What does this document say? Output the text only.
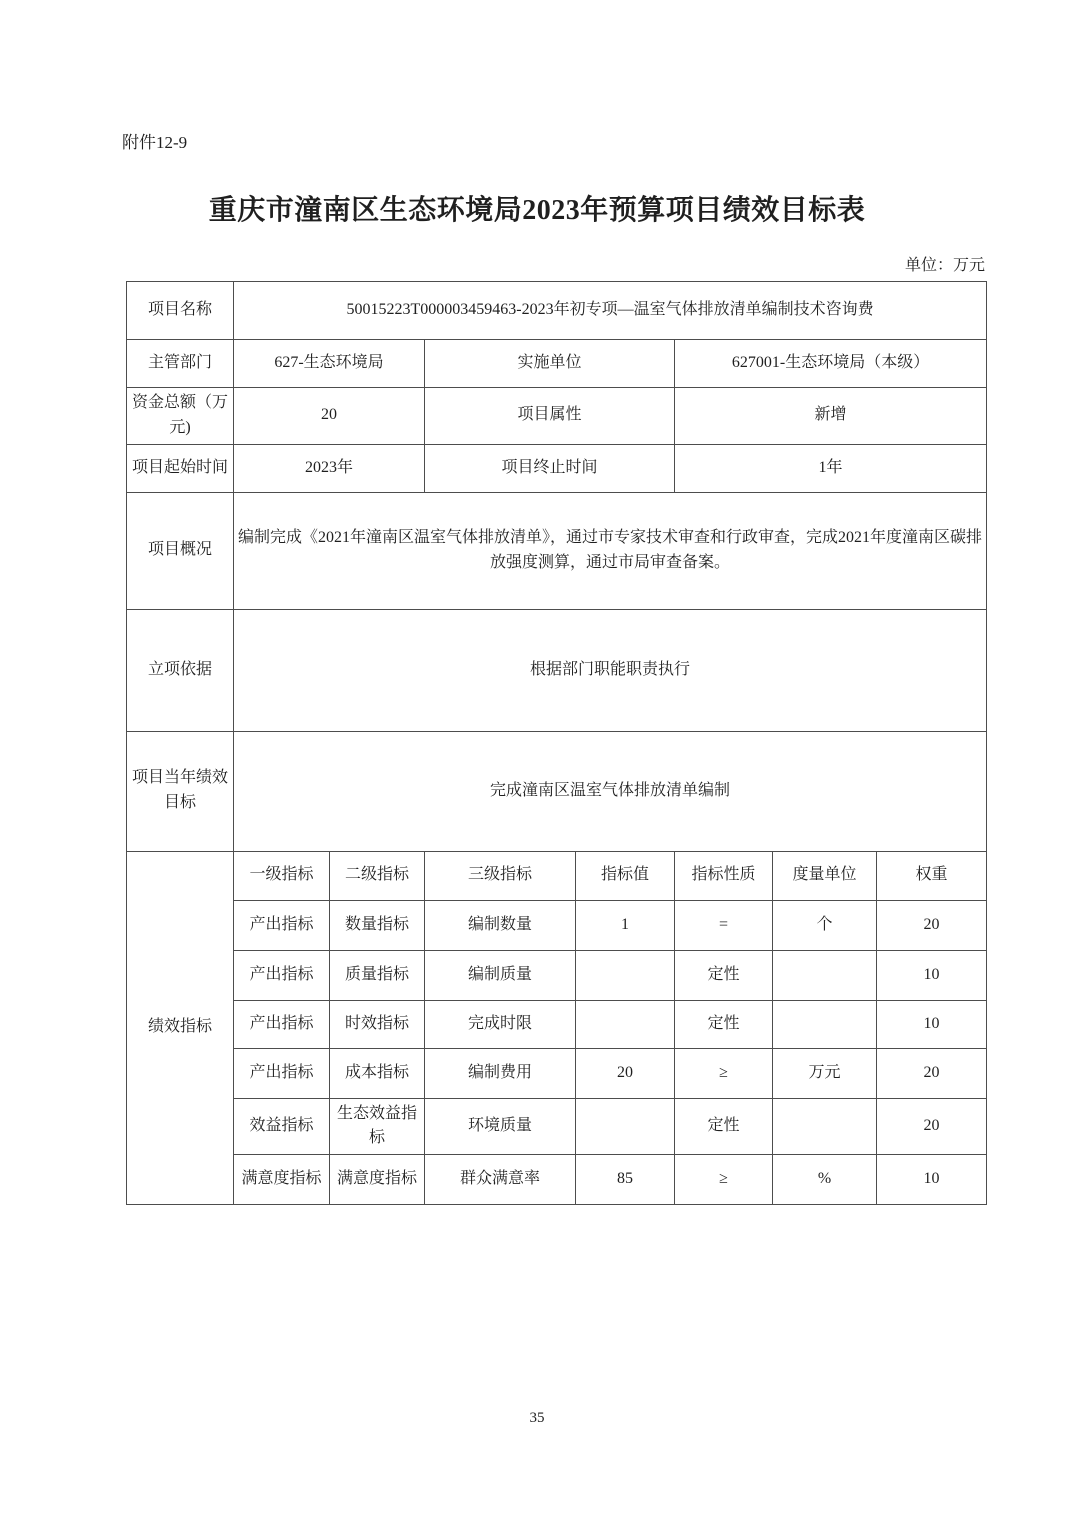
附件12-9
重庆市潼南区生态环境局2023年预算项目绩效目标表
单位：万元
项目名称	50015223T000003459463-2023年初专项—温室气体排放清单编制技术咨询费						
主管部门	627-生态环境局		实施单位		627001-生态环境局（本级）		
资金总额（万元)	20		项目属性		新增		
项目起始时间	2023年		项目终止时间		1年		
项目概况	编制完成《2021年潼南区温室气体排放清单》，通过市专家技术审查和行政审查，完成2021年度潼南区碳排放强度测算，通过市局审查备案。						
立项依据	根据部门职能职责执行						
项目当年绩效目标	完成潼南区温室气体排放清单编制						
绩效指标	一级指标	二级指标	三级指标	指标值	指标性质	度量单位	权重
	产出指标	数量指标	编制数量	1	=	个	20
	产出指标	质量指标	编制质量		定性		10
	产出指标	时效指标	完成时限		定性		10
	产出指标	成本指标	编制费用	20	≥	万元	20
	效益指标	生态效益指标	环境质量		定性		20
	满意度指标	满意度指标	群众满意率	85	≥	%	10
35
